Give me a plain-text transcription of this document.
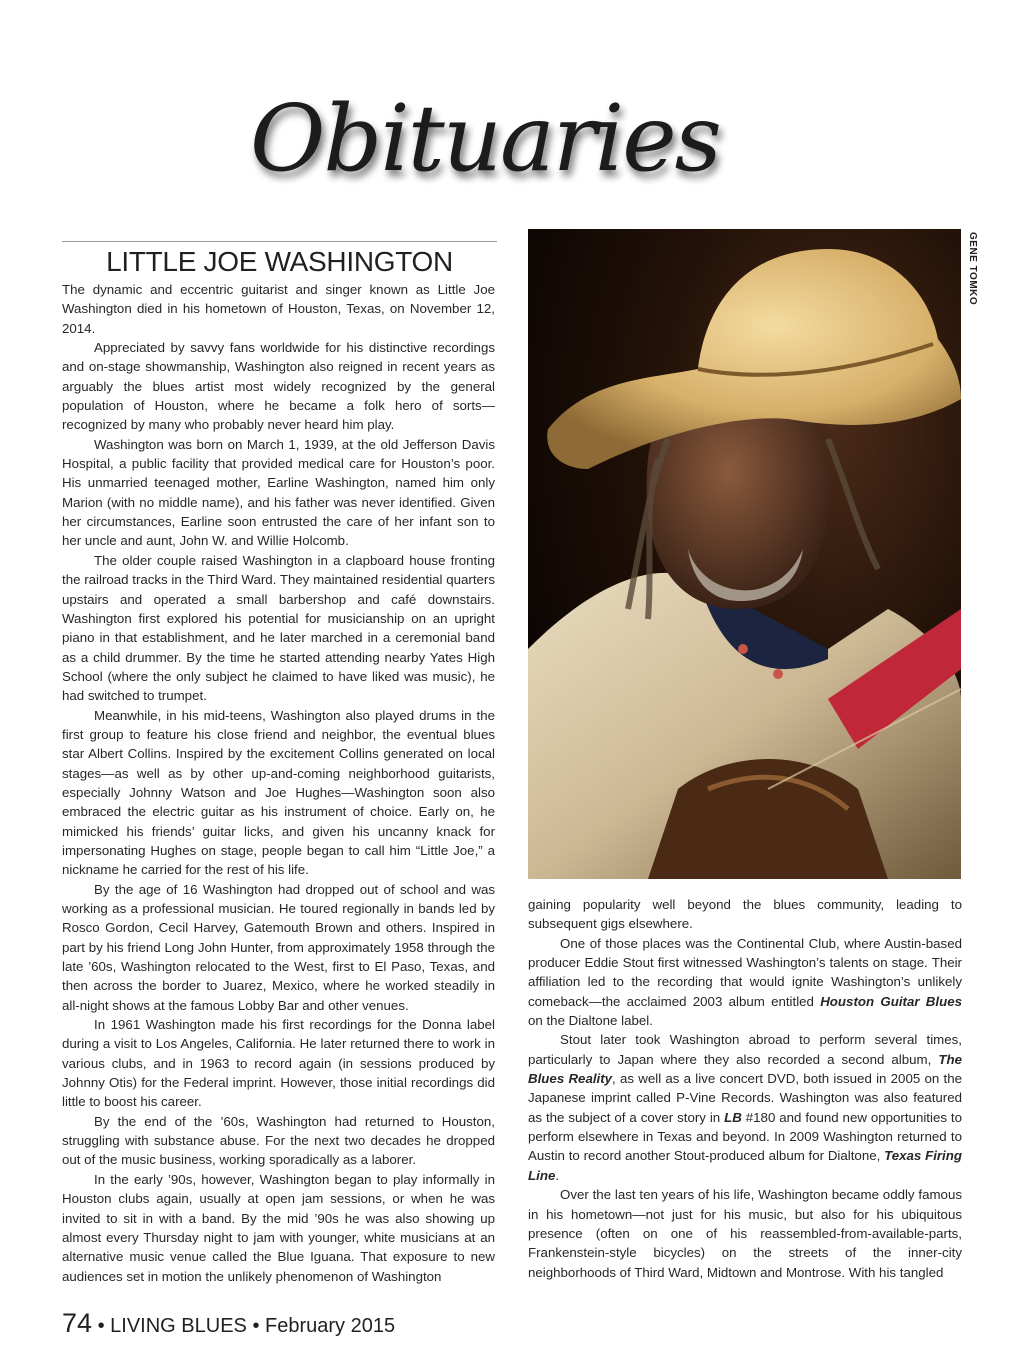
Obituaries
LITTLE JOE WASHINGTON

The dynamic and eccentric guitarist and singer known as Little Joe Washington died in his hometown of Houston, Texas, on November 12, 2014.

Appreciated by savvy fans worldwide for his distinctive recordings and on-stage showmanship, Washington also reigned in recent years as arguably the blues artist most widely recognized by the general population of Houston, where he became a folk hero of sorts—recognized by many who probably never heard him play.

Washington was born on March 1, 1939, at the old Jefferson Davis Hospital, a public facility that provided medical care for Houston’s poor. His unmarried teenaged mother, Earline Washington, named him only Marion (with no middle name), and his father was never identified. Given her circumstances, Earline soon entrusted the care of her infant son to her uncle and aunt, John W. and Willie Holcomb.

The older couple raised Washington in a clapboard house fronting the railroad tracks in the Third Ward. They maintained residential quarters upstairs and operated a small barbershop and café downstairs. Washington first explored his potential for musicianship on an upright piano in that establishment, and he later marched in a ceremonial band as a child drummer. By the time he started attending nearby Yates High School (where the only subject he claimed to have liked was music), he had switched to trumpet.

Meanwhile, in his mid-teens, Washington also played drums in the first group to feature his close friend and neighbor, the eventual blues star Albert Collins. Inspired by the excitement Collins generated on local stages—as well as by other up-and-coming neighborhood guitarists, especially Johnny Watson and Joe Hughes—Washington soon also embraced the electric guitar as his instrument of choice. Early on, he mimicked his friends’ guitar licks, and given his uncanny knack for impersonating Hughes on stage, people began to call him “Little Joe,” a nickname he carried for the rest of his life.

By the age of 16 Washington had dropped out of school and was working as a professional musician. He toured regionally in bands led by Rosco Gordon, Cecil Harvey, Gatemouth Brown and others. Inspired in part by his friend Long John Hunter, from approximately 1958 through the late ’60s, Washington relocated to the West, first to El Paso, Texas, and then across the border to Juarez, Mexico, where he worked steadily in all-night shows at the famous Lobby Bar and other venues.

In 1961 Washington made his first recordings for the Donna label during a visit to Los Angeles, California. He later returned there to work in various clubs, and in 1963 to record again (in sessions produced by Johnny Otis) for the Federal imprint. However, those initial recordings did little to boost his career.

By the end of the ’60s, Washington had returned to Houston, struggling with substance abuse. For the next two decades he dropped out of the music business, working sporadically as a laborer.

In the early ’90s, however, Washington began to play informally in Houston clubs again, usually at open jam sessions, or when he was invited to sit in with a band. By the mid ’90s he was also showing up almost every Thursday night to jam with younger, white musicians at an alternative music venue called the Blue Iguana. That exposure to new audiences set in motion the unlikely phenomenon of Washington

GENE TOMKO

gaining popularity well beyond the blues community, leading to subsequent gigs elsewhere.

One of those places was the Continental Club, where Austin-based producer Eddie Stout first witnessed Washington’s talents on stage. Their affiliation led to the recording that would ignite Washington’s unlikely comeback—the acclaimed 2003 album entitled Houston Guitar Blues on the Dialtone label.

Stout later took Washington abroad to perform several times, particularly to Japan where they also recorded a second album, The Blues Reality, as well as a live concert DVD, both issued in 2005 on the Japanese imprint called P-Vine Records. Washington was also featured as the subject of a cover story in LB #180 and found new opportunities to perform elsewhere in Texas and beyond. In 2009 Washington returned to Austin to record another Stout-produced album for Dialtone, Texas Firing Line.

Over the last ten years of his life, Washington became oddly famous in his hometown—not just for his music, but also for his ubiquitous presence (often on one of his reassembled-from-available-parts, Frankenstein-style bicycles) on the streets of the inner-city neighborhoods of Third Ward, Midtown and Montrose. With his tangled

74 • LIVING BLUES • February 2015
